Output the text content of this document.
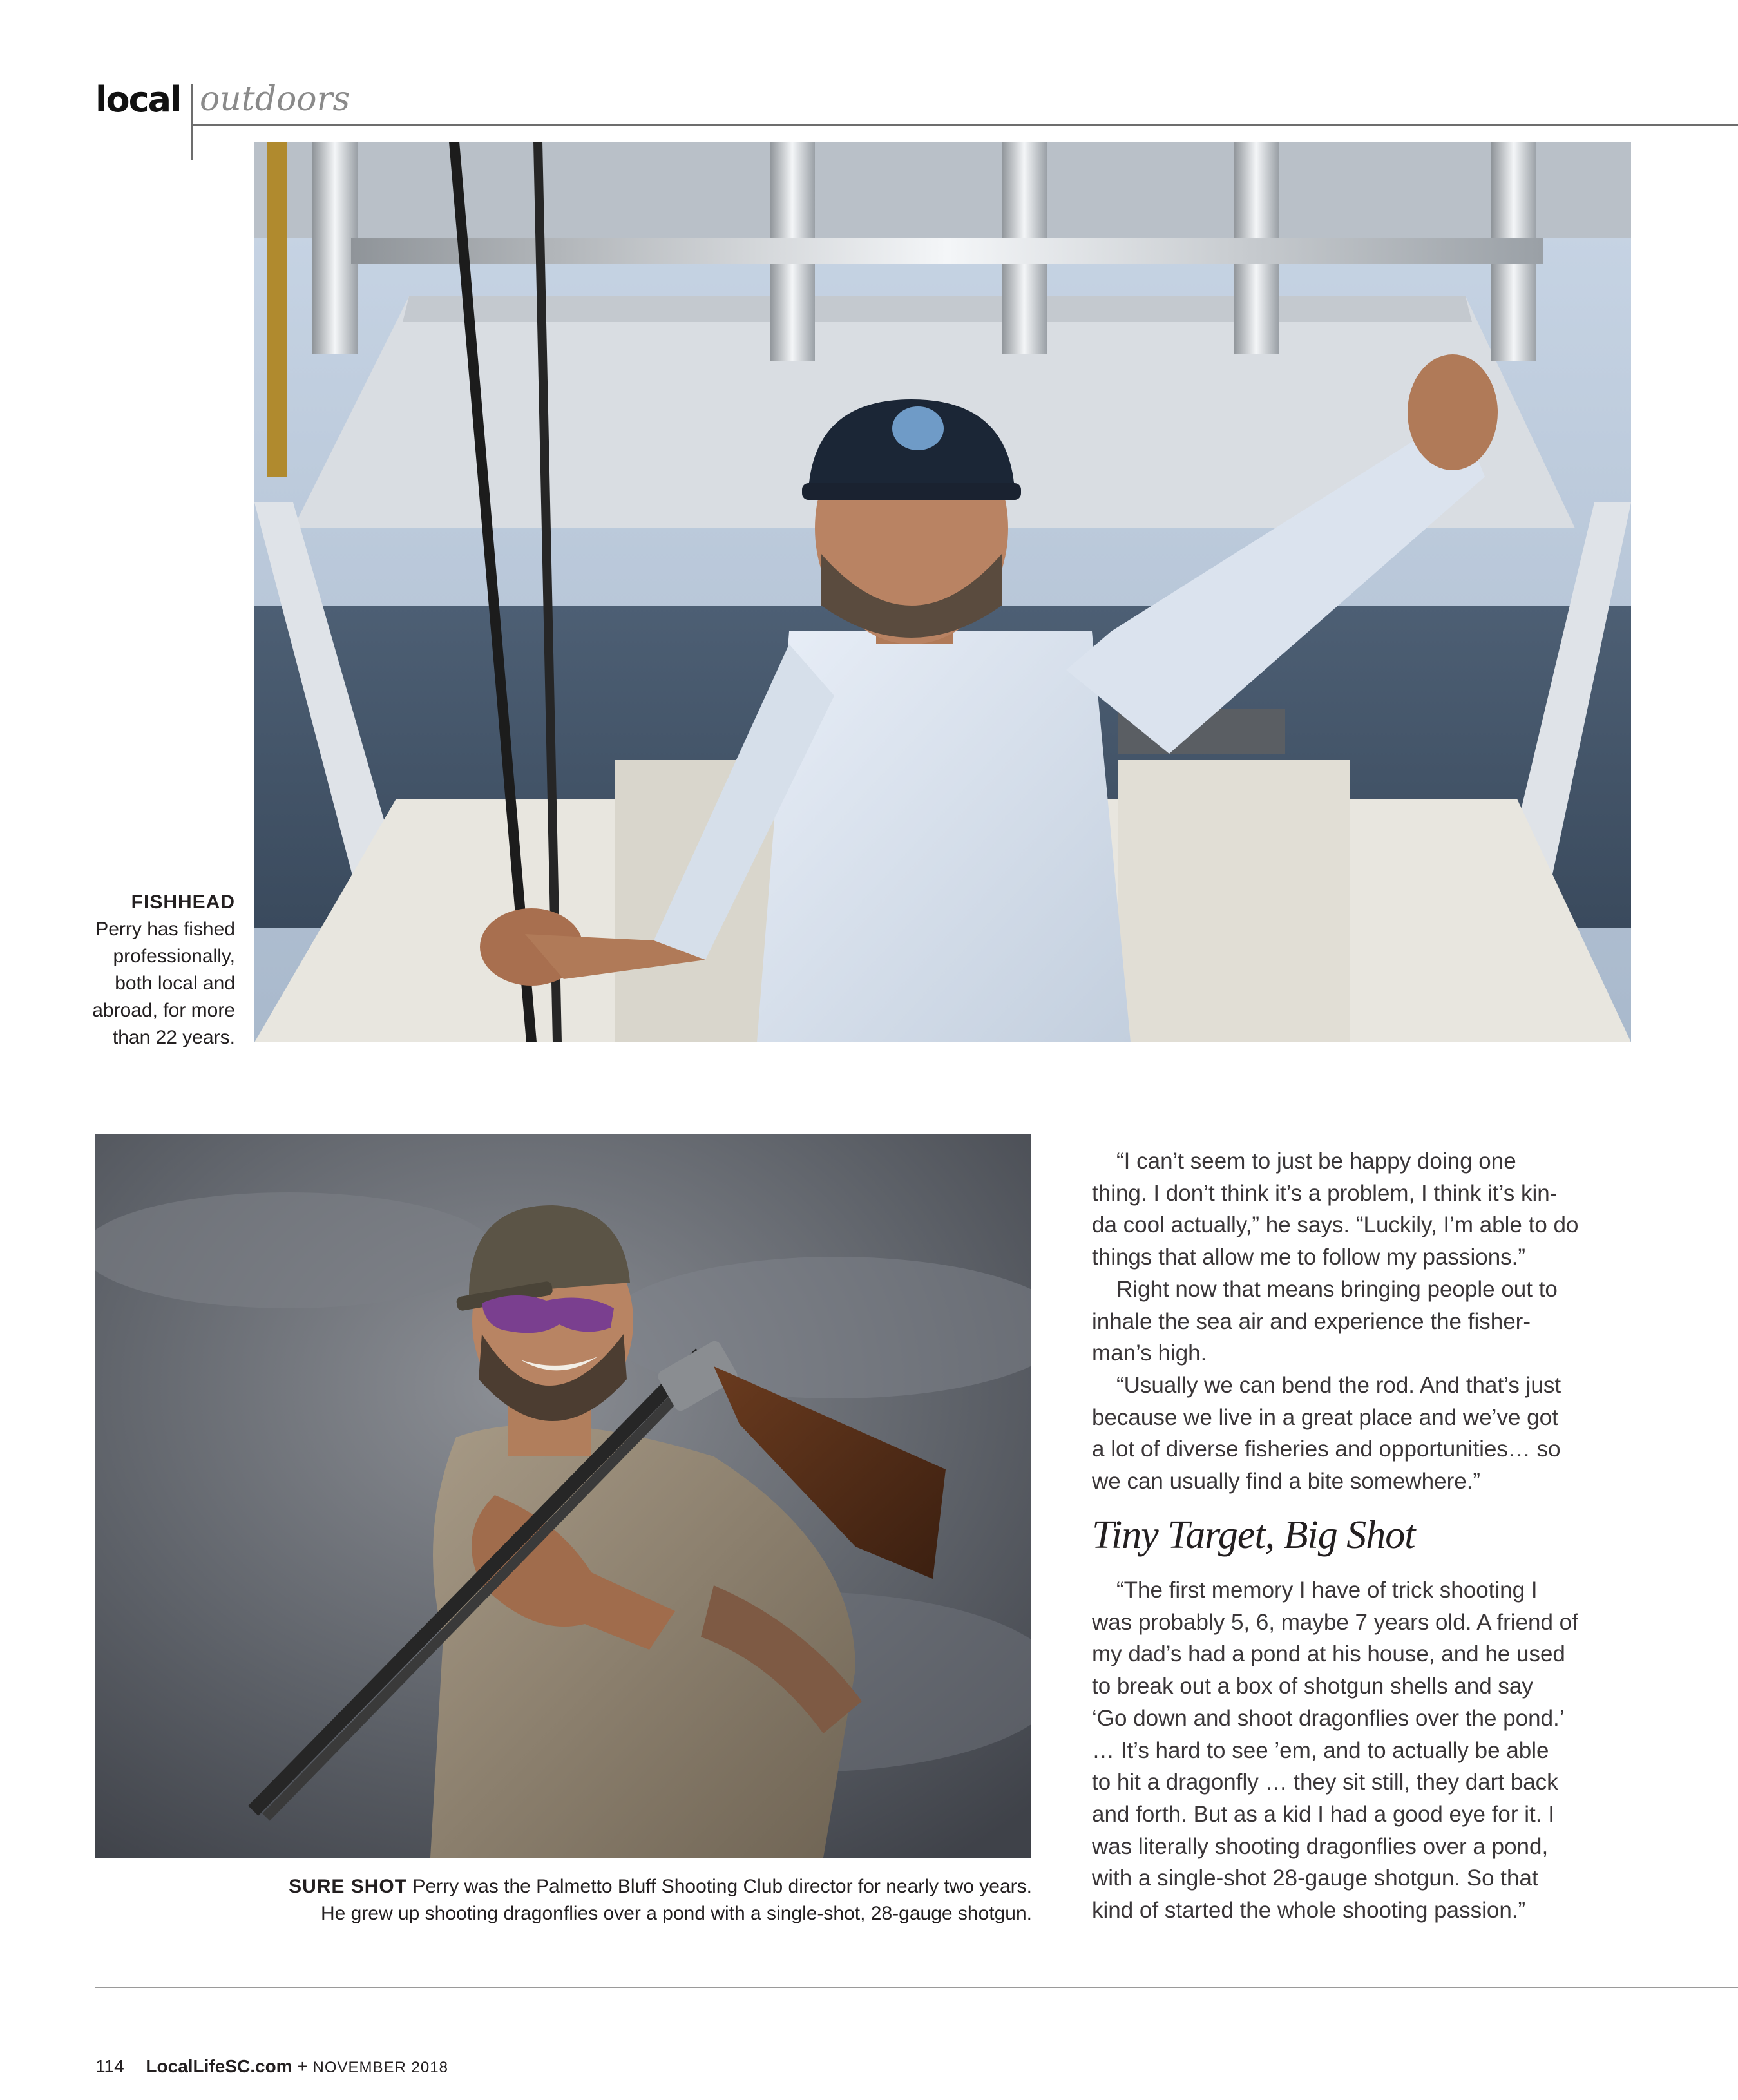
local outdoors
FISHHEAD
Perry has fished
professionally,
both local and
abroad, for more
than 22 years.
SURE SHOT Perry was the Palmetto Bluff Shooting Club director for nearly two years.
He grew up shooting dragonflies over a pond with a single-shot, 28-gauge shotgun.
“I can’t seem to just be happy doing one
thing. I don’t think it’s a problem, I think it’s kin-
da cool actually,” he says. “Luckily, I’m able to do
things that allow me to follow my passions.”
Right now that means bringing people out to
inhale the sea air and experience the fisher-
man’s high.
“Usually we can bend the rod. And that’s just
because we live in a great place and we’ve got
a lot of diverse fisheries and opportunities… so
we can usually find a bite somewhere.”
Tiny Target, Big Shot
“The first memory I have of trick shooting I
was probably 5, 6, maybe 7 years old. A friend of
my dad’s had a pond at his house, and he used
to break out a box of shotgun shells and say
‘Go down and shoot dragonflies over the pond.’
… It’s hard to see ’em, and to actually be able
to hit a dragonfly … they sit still, they dart back
and forth. But as a kid I had a good eye for it. I
was literally shooting dragonflies over a pond,
with a single-shot 28-gauge shotgun. So that
kind of started the whole shooting passion.”
114 LocalLifeSC.com + NOVEMBER 2018
